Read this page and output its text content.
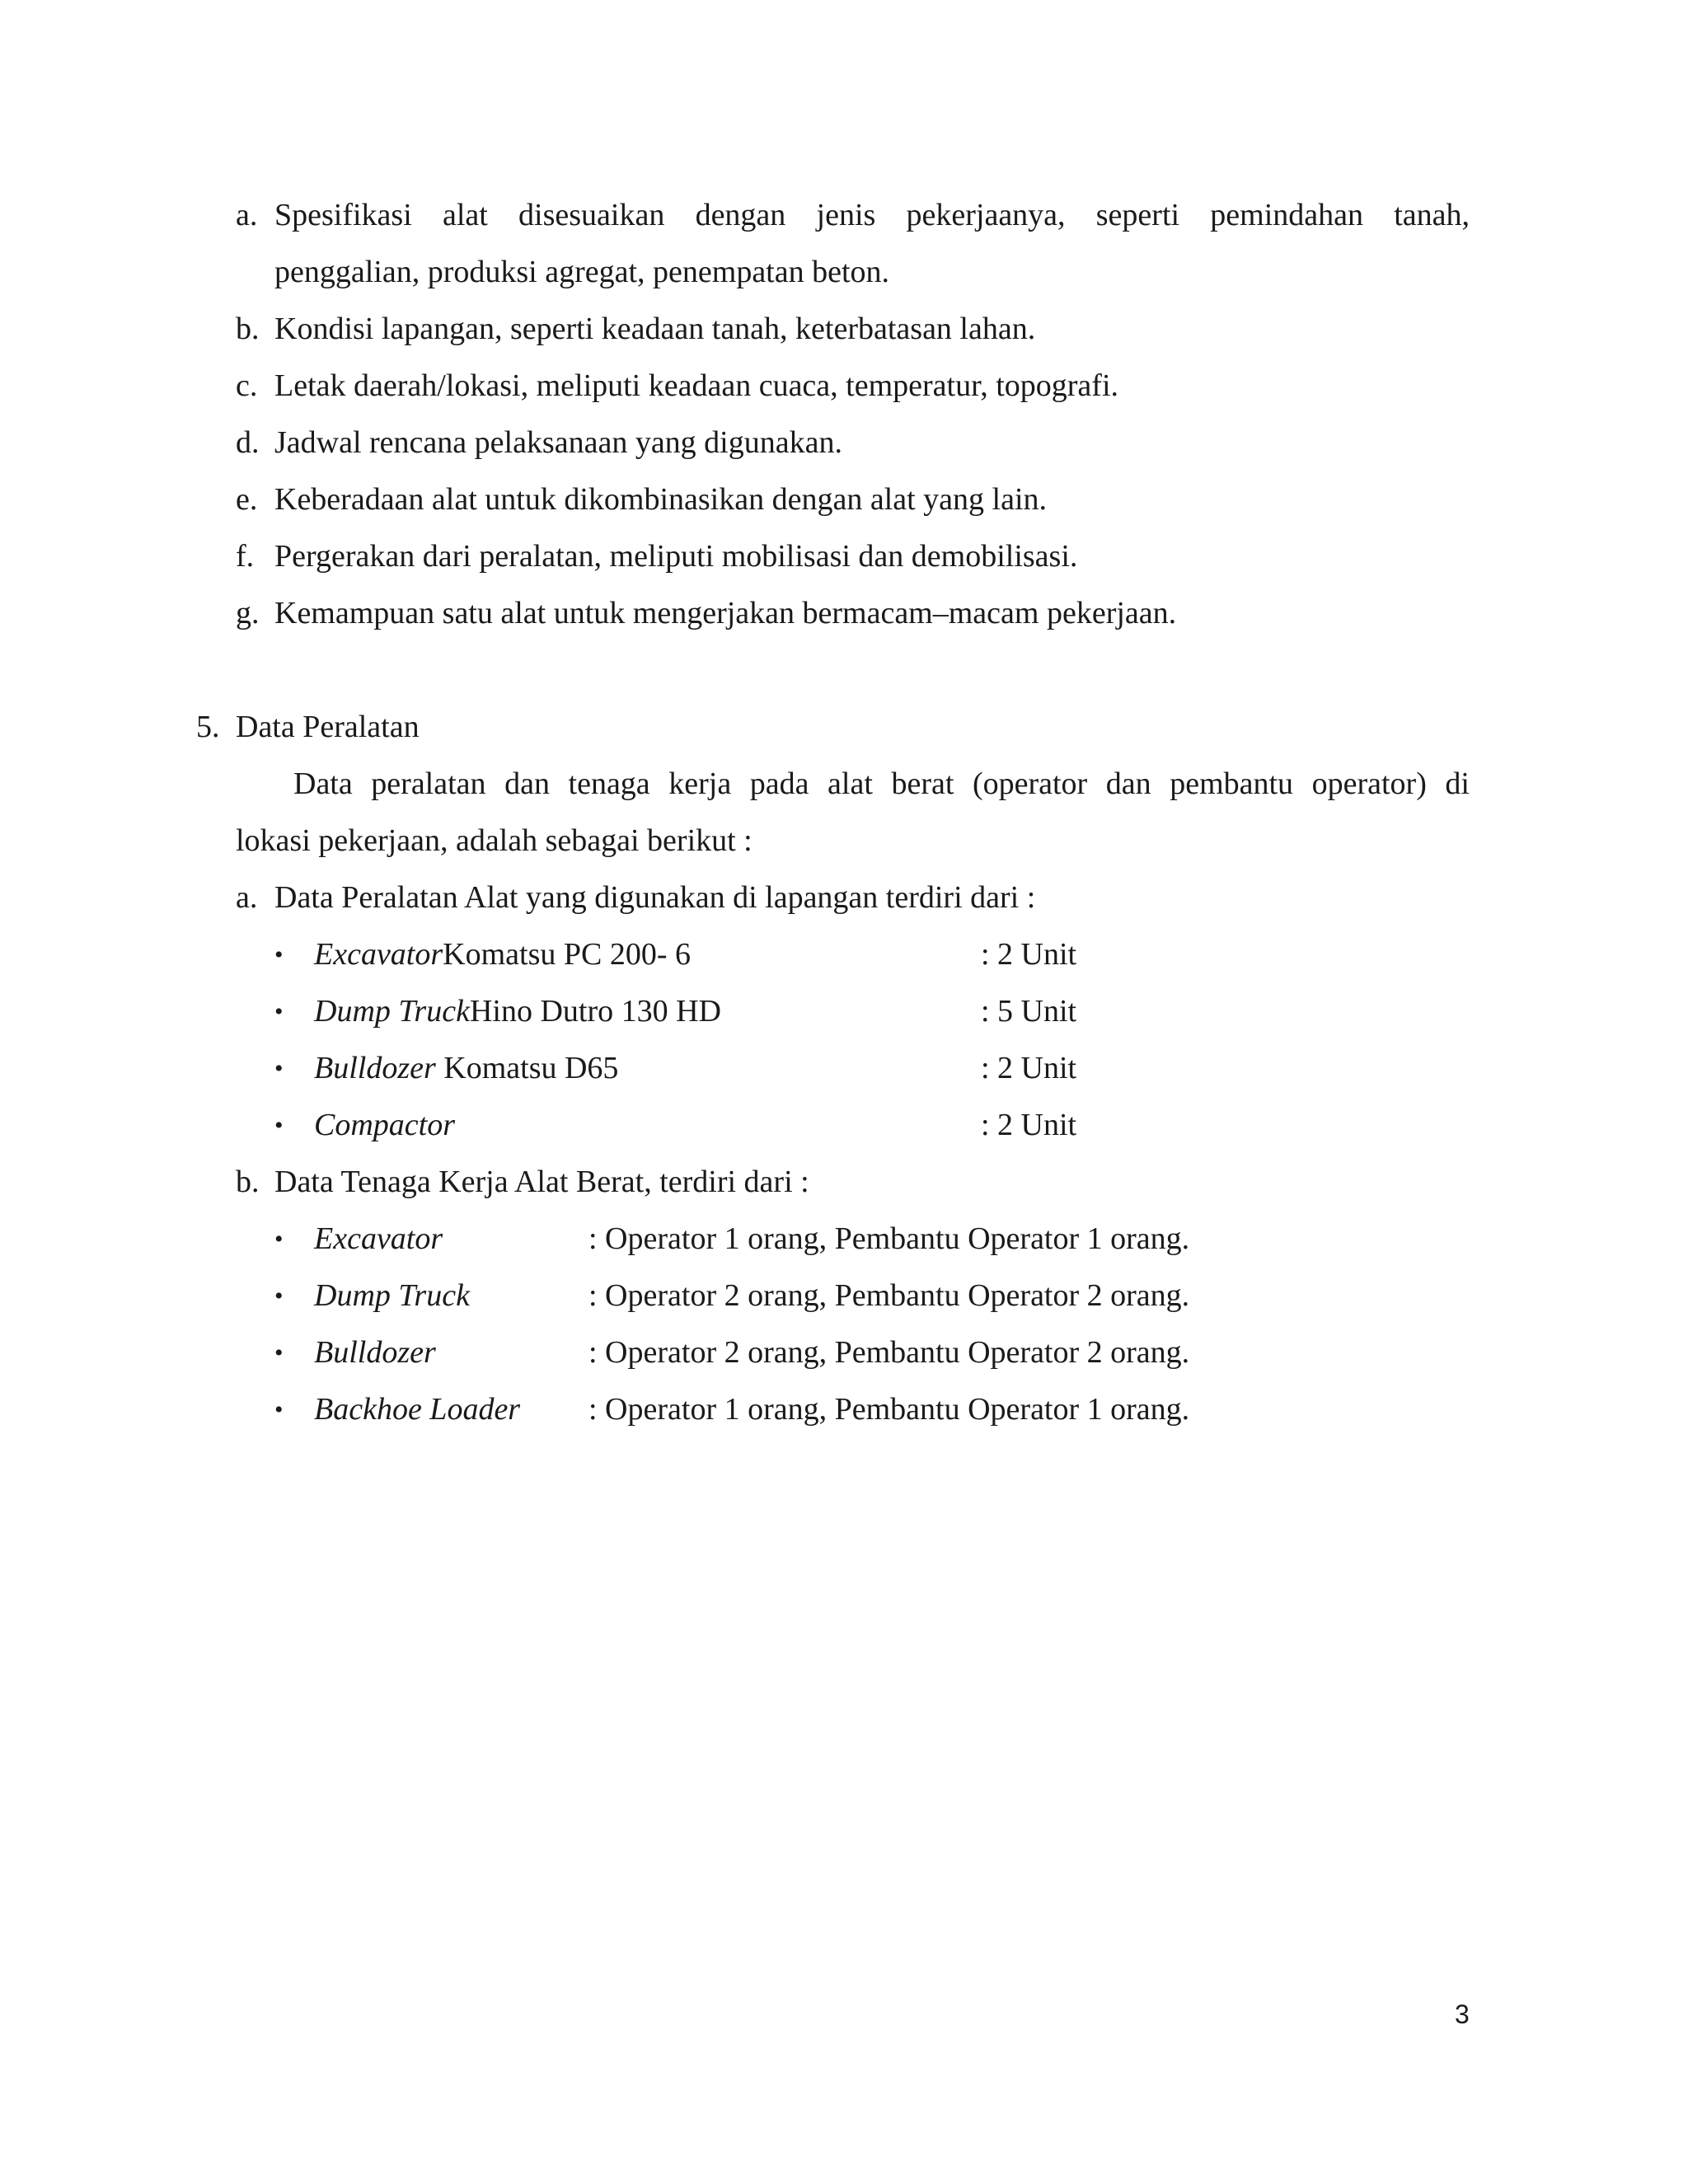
a. Spesifikasi alat disesuaikan dengan jenis pekerjaanya, seperti pemindahan tanah,
penggalian, produksi agregat, penempatan beton.
b. Kondisi lapangan, seperti keadaan tanah, keterbatasan lahan.
c. Letak daerah/lokasi, meliputi keadaan cuaca, temperatur, topografi.
d. Jadwal rencana pelaksanaan yang digunakan.
e. Keberadaan alat untuk dikombinasikan dengan alat yang lain.
f. Pergerakan dari peralatan, meliputi mobilisasi dan demobilisasi.
g. Kemampuan satu alat untuk mengerjakan bermacam–macam pekerjaan.
5. Data Peralatan
Data peralatan dan tenaga kerja pada alat berat (operator dan pembantu operator) di
lokasi pekerjaan, adalah sebagai berikut :
a. Data Peralatan Alat yang digunakan di lapangan terdiri dari :
• ExcavatorKomatsu PC 200- 6	: 2 Unit
• Dump TruckHino Dutro 130 HD	: 5 Unit
• Bulldozer Komatsu D65	: 2 Unit
• Compactor	: 2 Unit
b. Data Tenaga Kerja Alat Berat, terdiri dari :
• Excavator	: Operator 1 orang, Pembantu Operator 1 orang.
• Dump Truck	: Operator 2 orang, Pembantu Operator 2 orang.
• Bulldozer	: Operator 2 orang, Pembantu Operator 2 orang.
• Backhoe Loader : Operator 1 orang, Pembantu Operator 1 orang.
3
